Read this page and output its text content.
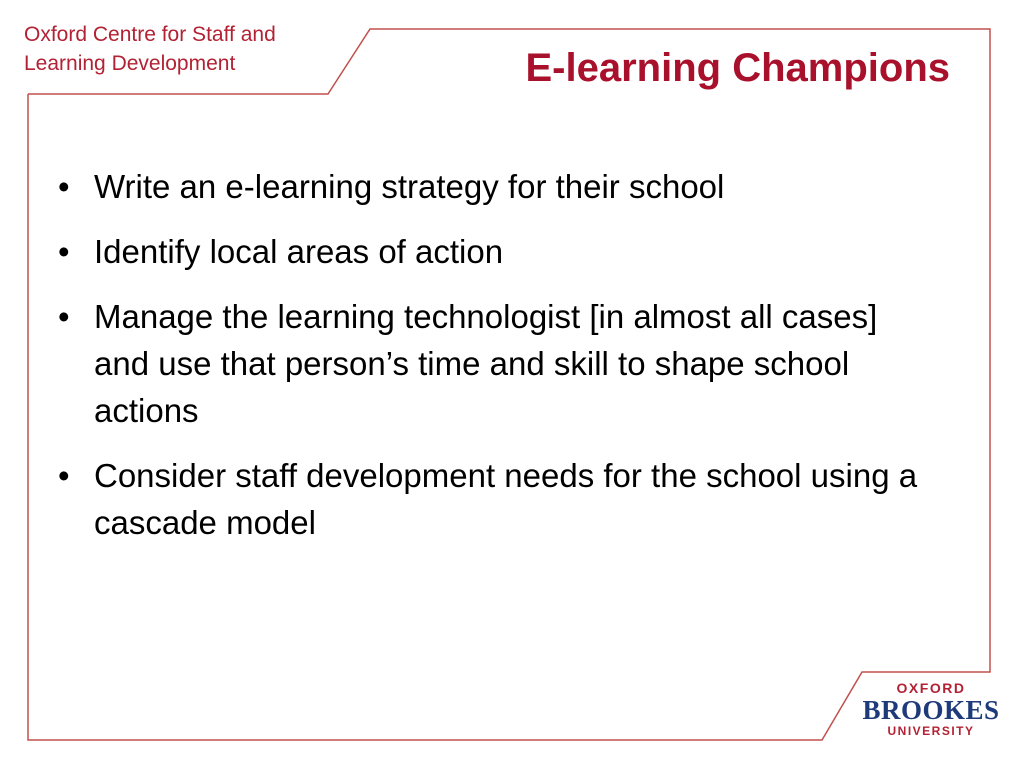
Oxford Centre for Staff and
Learning Development	E-learning Champions
• Write an e-learning strategy for their school
• Identify local areas of action
• Manage the learning technologist [in almost all cases] and use that person’s time and skill to shape school actions
• Consider staff development needs for the school using a cascade model
OXFORD
BROOKES
UNIVERSITY
